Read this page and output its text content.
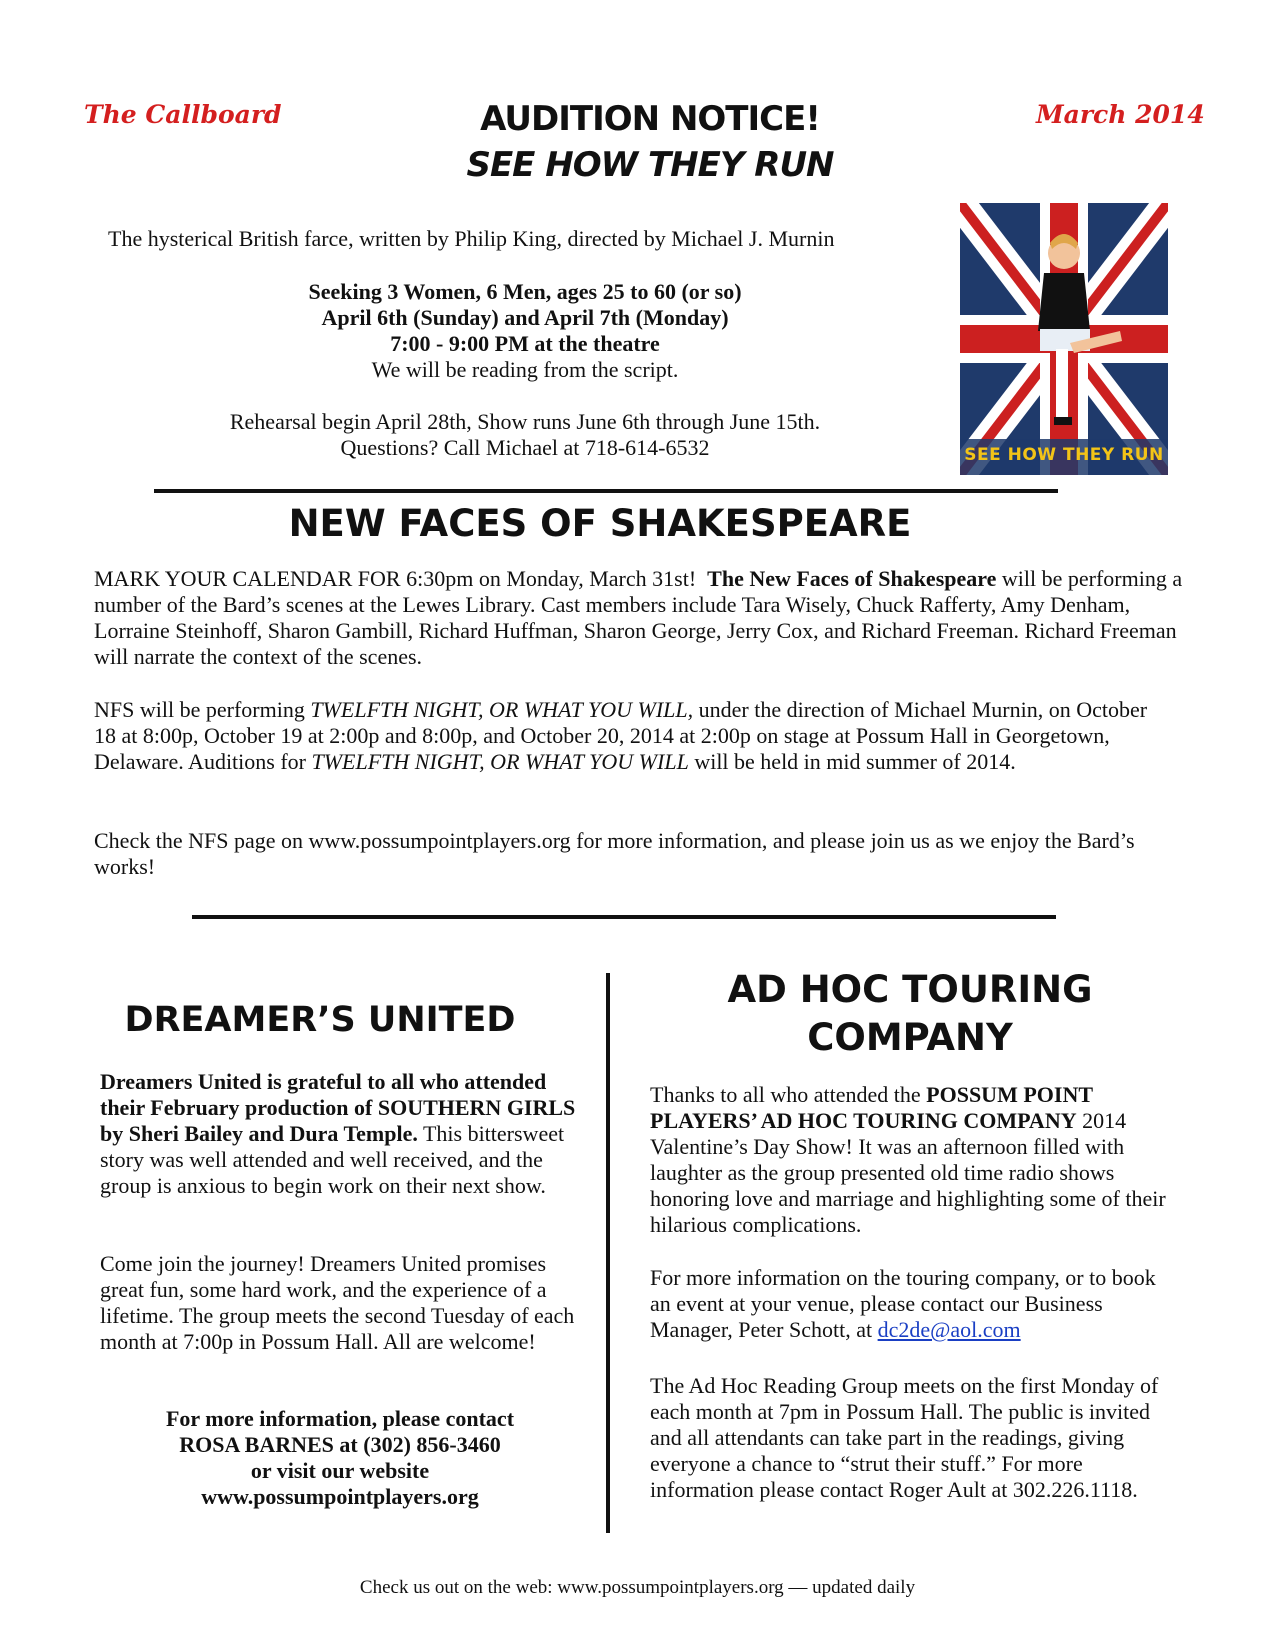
The Callboard	March 2014
AUDITION NOTICE!
SEE HOW THEY RUN
The hysterical British farce, written by Philip King, directed by Michael J. Murnin
Seeking 3 Women, 6 Men, ages 25 to 60 (or so)
April 6th (Sunday) and April 7th (Monday)
7:00 - 9:00 PM at the theatre
We will be reading from the script.
Rehearsal begin April 28th, Show runs June 6th through June 15th.
Questions? Call Michael at 718-614-6532	SEE HOW THEY RUN
NEW FACES OF SHAKESPEARE
MARK YOUR CALENDAR FOR 6:30pm on Monday, March 31st! The New Faces of Shakespeare will be performing a number of the Bard’s scenes at the Lewes Library. Cast members include Tara Wisely, Chuck Rafferty, Amy Denham, Lorraine Steinhoff, Sharon Gambill, Richard Huffman, Sharon George, Jerry Cox, and Richard Freeman. Richard Freeman will narrate the context of the scenes.
NFS will be performing TWELFTH NIGHT, OR WHAT YOU WILL, under the direction of Michael Murnin, on October 18 at 8:00p, October 19 at 2:00p and 8:00p, and October 20, 2014 at 2:00p on stage at Possum Hall in Georgetown, Delaware. Auditions for TWELFTH NIGHT, OR WHAT YOU WILL will be held in mid summer of 2014.
Check the NFS page on www.possumpointplayers.org for more information, and please join us as we enjoy the Bard’s works!
DREAMER’S UNITED
Dreamers United is grateful to all who attended their February production of SOUTHERN GIRLS by Sheri Bailey and Dura Temple. This bittersweet story was well attended and well received, and the group is anxious to begin work on their next show.
Come join the journey! Dreamers United promises great fun, some hard work, and the experience of a lifetime. The group meets the second Tuesday of each month at 7:00p in Possum Hall. All are welcome!
For more information, please contact
ROSA BARNES at (302) 856-3460
or visit our website
www.possumpointplayers.org
AD HOC TOURING
COMPANY
Thanks to all who attended the POSSUM POINT PLAYERS’ AD HOC TOURING COMPANY 2014 Valentine’s Day Show! It was an afternoon filled with laughter as the group presented old time radio shows honoring love and marriage and highlighting some of their hilarious complications.
For more information on the touring company, or to book an event at your venue, please contact our Business Manager, Peter Schott, at dc2de@aol.com
The Ad Hoc Reading Group meets on the first Monday of each month at 7pm in Possum Hall. The public is invited and all attendants can take part in the readings, giving everyone a chance to “strut their stuff.” For more information please contact Roger Ault at 302.226.1118.
Check us out on the web: www.possumpointplayers.org — updated daily
